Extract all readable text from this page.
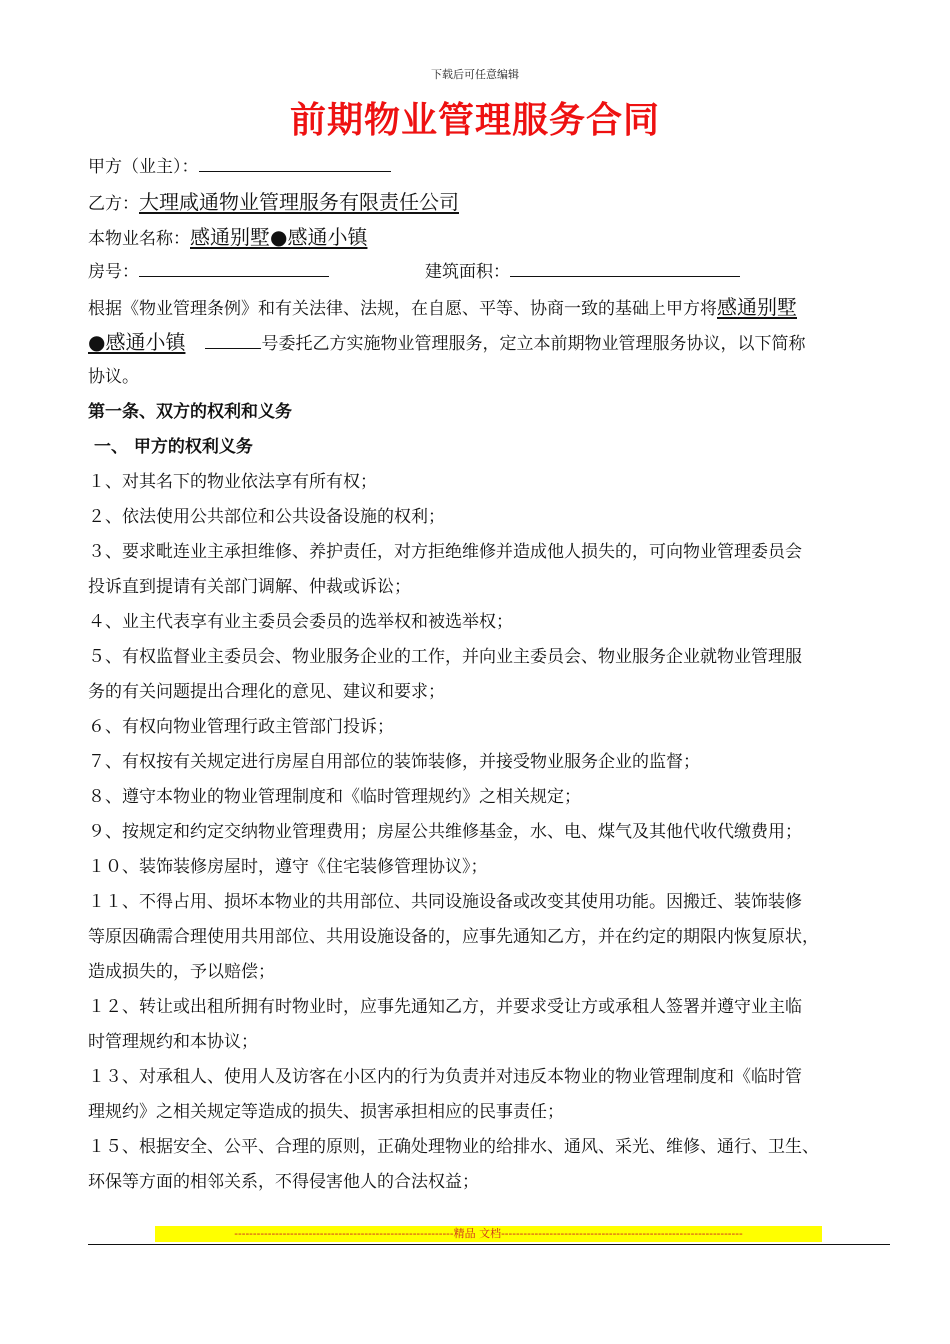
下载后可任意编辑
前期物业管理服务合同
甲方（业主）：
乙方：大理咸通物业管理服务有限责任公司
本物业名称：感通别墅●感通小镇
房号：	建筑面积：
根据《物业管理条例》和有关法律、法规，在自愿、平等、协商一致的基础上甲方将感通别墅
●感通小镇	号委托乙方实施物业管理服务，定立本前期物业管理服务协议，以下简称
协议。
第一条、双方的权利和义务
一、 甲方的权利义务
１、对其名下的物业依法享有所有权；
２、依法使用公共部位和公共设备设施的权利；
３、要求毗连业主承担维修、养护责任，对方拒绝维修并造成他人损失的，可向物业管理委员会
投诉直到提请有关部门调解、仲裁或诉讼；
４、业主代表享有业主委员会委员的选举权和被选举权；
５、有权监督业主委员会、物业服务企业的工作，并向业主委员会、物业服务企业就物业管理服
务的有关问题提出合理化的意见、建议和要求；
６、有权向物业管理行政主管部门投诉；
７、有权按有关规定进行房屋自用部位的装饰装修，并接受物业服务企业的监督；
８、遵守本物业的物业管理制度和《临时管理规约》之相关规定；
９、按规定和约定交纳物业管理费用；房屋公共维修基金，水、电、煤气及其他代收代缴费用；
１０、装饰装修房屋时，遵守《住宅装修管理协议》；
１１、不得占用、损坏本物业的共用部位、共同设施设备或改变其使用功能。因搬迁、装饰装修
等原因确需合理使用共用部位、共用设施设备的，应事先通知乙方，并在约定的期限内恢复原状，
造成损失的，予以赔偿；
１２、转让或出租所拥有时物业时，应事先通知乙方，并要求受让方或承租人签署并遵守业主临
时管理规约和本协议；
１３、对承租人、使用人及访客在小区内的行为负责并对违反本物业的物业管理制度和《临时管
理规约》之相关规定等造成的损失、损害承担相应的民事责任；
１５、根据安全、公平、合理的原则，正确处理物业的给排水、通风、采光、维修、通行、卫生、
环保等方面的相邻关系，不得侵害他人的合法权益；
-----------------------------------------------------------精品 文档-----------------------------------------------------------------
